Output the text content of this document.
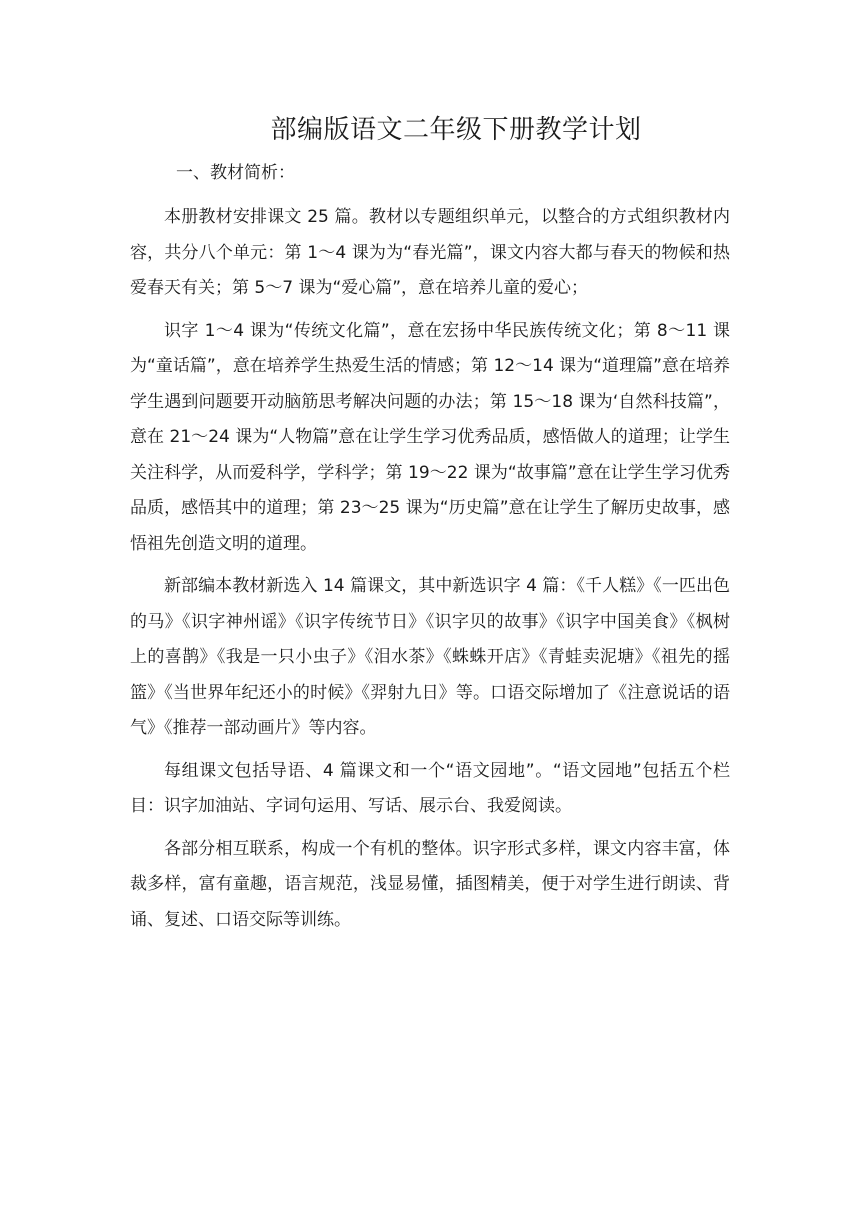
部编版语文二年级下册教学计划
一、教材简析：

本册教材安排课文 25 篇。教材以专题组织单元，以整合的方式组织教材内容，共分八个单元：第 1～4 课为为“春光篇”，课文内容大都与春天的物候和热爱春天有关；第 5～7 课为“爱心篇”，意在培养儿童的爱心；

识字 1～4 课为“传统文化篇”，意在宏扬中华民族传统文化；第 8～11 课为“童话篇”，意在培养学生热爱生活的情感；第 12～14 课为“道理篇”意在培养学生遇到问题要开动脑筋思考解决问题的办法；第 15～18 课为‘自然科技篇”，意在 21～24 课为“人物篇”意在让学生学习优秀品质，感悟做人的道理；让学生关注科学，从而爱科学，学科学；第 19～22 课为“故事篇”意在让学生学习优秀品质，感悟其中的道理；第 23～25 课为“历史篇”意在让学生了解历史故事，感悟祖先创造文明的道理。

新部编本教材新选入 14 篇课文，其中新选识字 4 篇：《千人糕》《一匹出色的马》《识字神州谣》《识字传统节日》《识字贝的故事》《识字中国美食》《枫树上的喜鹊》《我是一只小虫子》《泪水茶》《蛛蛛开店》《青蛙卖泥塘》《祖先的摇篮》《当世界年纪还小的时候》《羿射九日》等。口语交际增加了《注意说话的语气》《推荐一部动画片》等内容。

每组课文包括导语、4 篇课文和一个“语文园地”。“语文园地”包括五个栏目：识字加油站、字词句运用、写话、展示台、我爱阅读。

各部分相互联系，构成一个有机的整体。识字形式多样，课文内容丰富，体裁多样，富有童趣，语言规范，浅显易懂，插图精美，便于对学生进行朗读、背诵、复述、口语交际等训练。
